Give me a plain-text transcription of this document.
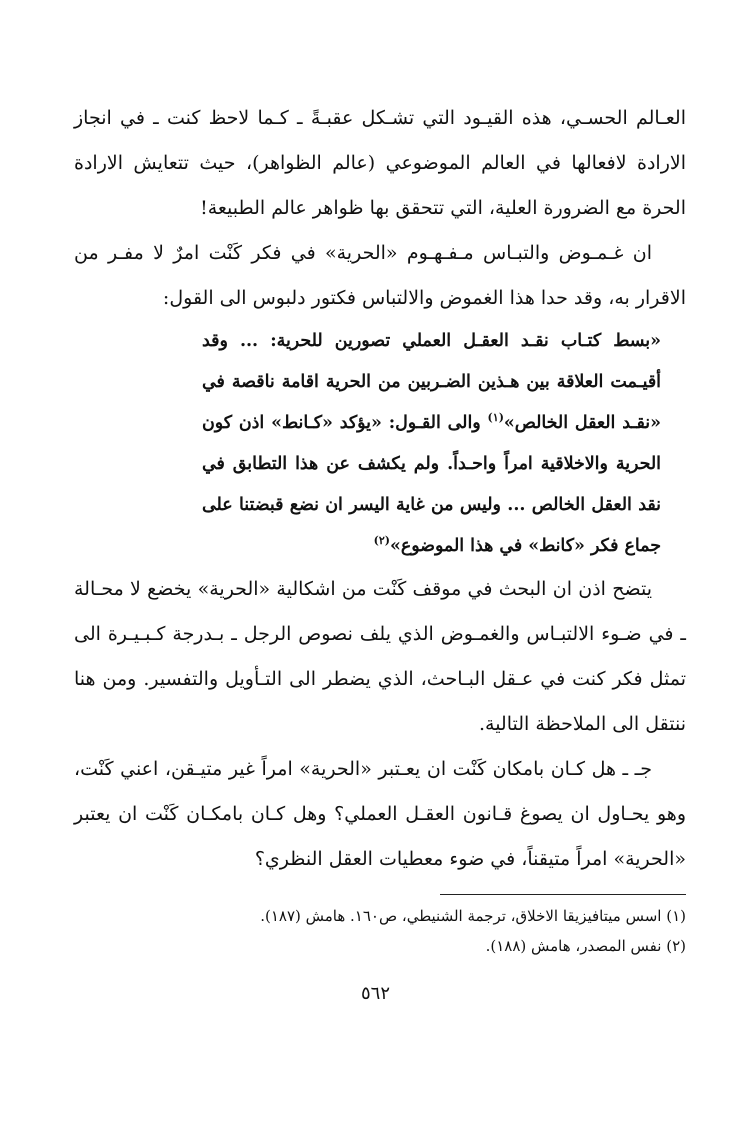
العـالم الحسـي، هذه القيـود التي تشـكل عقبـةً ـ كـما لاحظ كنت ـ في انجاز الارادة لافعالها في العالم الموضوعي (عالم الظواهر)، حيث تتعايش الارادة الحرة مع الضرورة العلية، التي تتحقق بها ظواهر عالم الطبيعة!

ان غـمـوض والتبـاس مـفـهـوم «الحرية» في فكر كَنْت امرٌ لا مفـر من الاقرار به، وقد حدا هذا الغموض والالتباس فكتور دلبوس الى القول:

«بسط كتـاب نقـد العقـل العملي تصورين للحرية: ... وقد أقيـمت العلاقة بين هـذين الضـربين من الحرية اقامة ناقصة في «نقـد العقل الخالص»$^{(١)}$ والى القـول: «يؤكد «كـانط» اذن كون الحرية والاخلاقية امراً واحـداً. ولم يكشف عن هذا التطابق في نقد العقل الخالص ... وليس من غاية اليسر ان نضع قبضتنا على جماع فكر «كانط» في هذا الموضوع»$^{(٢)}$

يتضح اذن ان البحث في موقف كَنْت من اشكالية «الحرية» يخضع لا محـالة ـ في ضـوء الالتبـاس والغمـوض الذي يلف نصوص الرجل ـ بـدرجة كـبـيـرة الى تمثل فكر كنت في عـقل البـاحث، الذي يضطر الى التـأويل والتفسير. ومن هنا ننتقل الى الملاحظة التالية.

جـ ـ هل كـان بامكان كَنْت ان يعـتبر «الحرية» امراً غير متيـقن، اعني كَنْت، وهو يحـاول ان يصوغ قـانون العقـل العملي؟ وهل كـان بامكـان كَنْت ان يعتبر «الحرية» امراً متيقناً، في ضوء معطيات العقل النظري؟

(١) اسس ميتافيزيقا الاخلاق، ترجمة الشنيطي، ص١٦٠. هامش (١٨٧).

(٢) نفس المصدر، هامش (١٨٨).

٥٦٢
